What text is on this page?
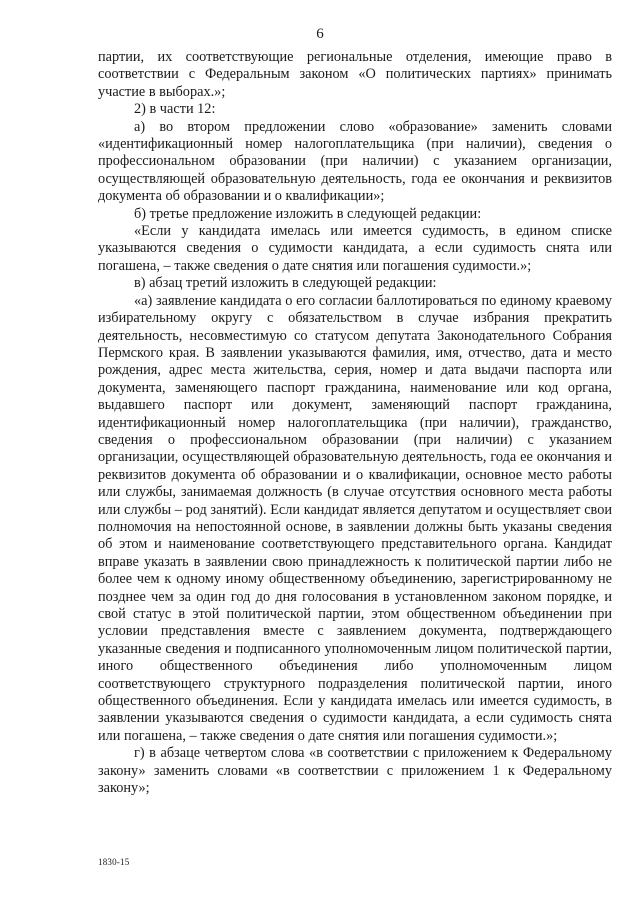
6

партии, их соответствующие региональные отделения, имеющие право в соответствии с Федеральным законом «О политических партиях» принимать участие в выборах.»;

2) в части 12:

а) во втором предложении слово «образование» заменить словами «идентификационный номер налогоплательщика (при наличии), сведения о профессиональном образовании (при наличии) с указанием организации, осуществляющей образовательную деятельность, года ее окончания и реквизитов документа об образовании и о квалификации»;

б) третье предложение изложить в следующей редакции:

«Если у кандидата имелась или имеется судимость, в едином списке указываются сведения о судимости кандидата, а если судимость снята или погашена, – также сведения о дате снятия или погашения судимости.»;

в) абзац третий изложить в следующей редакции:

«а) заявление кандидата о его согласии баллотироваться по единому краевому избирательному округу с обязательством в случае избрания прекратить деятельность, несовместимую со статусом депутата Законодательного Собрания Пермского края. В заявлении указываются фамилия, имя, отчество, дата и место рождения, адрес места жительства, серия, номер и дата выдачи паспорта или документа, заменяющего паспорт гражданина, наименование или код органа, выдавшего паспорт или документ, заменяющий паспорт гражданина, идентификационный номер налогоплательщика (при наличии), гражданство, сведения о профессиональном образовании (при наличии) с указанием организации, осуществляющей образовательную деятельность, года ее окончания и реквизитов документа об образовании и о квалификации, основное место работы или службы, занимаемая должность (в случае отсутствия основного места работы или службы – род занятий). Если кандидат является депутатом и осуществляет свои полномочия на непостоянной основе, в заявлении должны быть указаны сведения об этом и наименование соответствующего представительного органа. Кандидат вправе указать в заявлении свою принадлежность к политической партии либо не более чем к одному иному общественному объединению, зарегистрированному не позднее чем за один год до дня голосования в установленном законом порядке, и свой статус в этой политической партии, этом общественном объединении при условии представления вместе с заявлением документа, подтверждающего указанные сведения и подписанного уполномоченным лицом политической партии, иного общественного объединения либо уполномоченным лицом соответствующего структурного подразделения политической партии, иного общественного объединения. Если у кандидата имелась или имеется судимость, в заявлении указываются сведения о судимости кандидата, а если судимость снята или погашена, – также сведения о дате снятия или погашения судимости.»;

г) в абзаце четвертом слова «в соответствии с приложением к Федеральному закону» заменить словами «в соответствии с приложением 1 к Федеральному закону»;

1830-15
